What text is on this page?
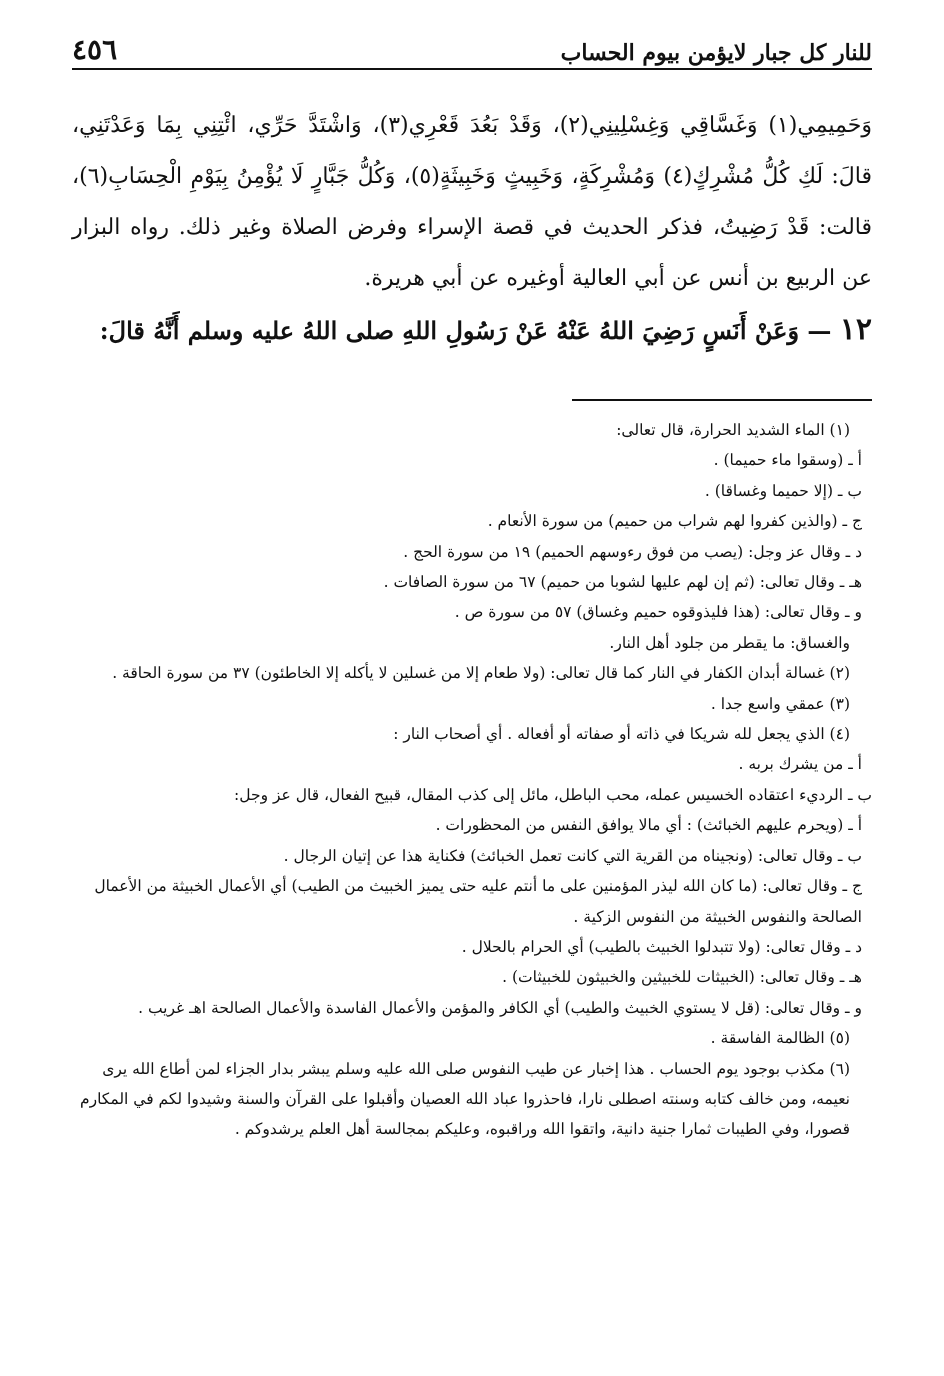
للنار كل جبار لايؤمن بيوم الحساب
٤٥٦
وَحَمِيمِي(١) وَغَسَّاقِي وَغِسْلِينِي(٢)، وَقَدْ بَعُدَ قَعْرِي(٣)، وَاشْتَدَّ حَرِّي، ائْتِنِي بِمَا وَعَدْتَنِي، قالَ: لَكِ كُلُّ مُشْرِكٍ(٤) وَمُشْرِكَةٍ، وَخَبِيثٍ وَخَبِيثَةٍ(٥)، وَكُلُّ جَبَّارٍ لَا يُؤْمِنُ بِيَوْمِ الْحِسَابِ(٦)، قالت: قَدْ رَضِيتُ، فذكر الحديث في قصة الإسراء وفرض الصلاة وغير ذلك. رواه البزار عن الربيع بن أنس عن أبي العالية أوغيره عن أبي هريرة.
١٢ — وَعَنْ أَنَسٍ رَضِيَ اللهُ عَنْهُ عَنْ رَسُولِ اللهِ صلى اللهُ عليه وسلم أَنَّهُ قالَ:
(١) الماء الشديد الحرارة، قال تعالى:
أ ـ (وسقوا ماء حميما) .
ب ـ (إلا حميما وغساقا) .
ج ـ (والذين كفروا لهم شراب من حميم) من سورة الأنعام .
د ـ وقال عز وجل: (يصب من فوق رءوسهم الحميم) ١٩ من سورة الحج .
هـ ـ وقال تعالى: (ثم إن لهم عليها لشوبا من حميم) ٦٧ من سورة الصافات .
و ـ وقال تعالى: (هذا فليذوقوه حميم وغساق) ٥٧ من سورة ص .
والغساق: ما يقطر من جلود أهل النار.
(٢) غسالة أبدان الكفار في النار كما قال تعالى: (ولا طعام إلا من غسلين لا يأكله إلا الخاطئون) ٣٧ من سورة الحاقة .
(٣) عمقي واسع جدا .
(٤) الذي يجعل لله شريكا في ذاته أو صفاته أو أفعاله . أي أصحاب النار :
أ ـ من يشرك بربه .
ب ـ الرديء اعتقاده الخسيس عمله، محب الباطل، مائل إلى كذب المقال، قبيح الفعال، قال عز وجل:
أ ـ (ويحرم عليهم الخبائث) : أي مالا يوافق النفس من المحظورات .
ب ـ وقال تعالى: (ونجيناه من القرية التي كانت تعمل الخبائث) فكناية هذا عن إتيان الرجال .
ج ـ وقال تعالى: (ما كان الله ليذر المؤمنين على ما أنتم عليه حتى يميز الخبيث من الطيب) أي الأعمال الخبيثة من الأعمال الصالحة والنفوس الخبيثة من النفوس الزكية .
د ـ وقال تعالى: (ولا تتبدلوا الخبيث بالطيب) أي الحرام بالحلال .
هـ ـ وقال تعالى: (الخبيثات للخبيثين والخبيثون للخبيثات) .
و ـ وقال تعالى: (قل لا يستوي الخبيث والطيب) أي الكافر والمؤمن والأعمال الفاسدة والأعمال الصالحة اهـ غريب .
(٥) الظالمة الفاسقة .
(٦) مكذب بوجود يوم الحساب . هذا إخبار عن طيب النفوس صلى الله عليه وسلم يبشر بدار الجزاء لمن أطاع الله يرى نعيمه، ومن خالف كتابه وسنته اصطلى نارا، فاحذروا عباد الله العصيان وأقبلوا على القرآن والسنة وشيدوا لكم في المكارم قصورا، وفي الطيبات ثمارا جنية دانية، واتقوا الله وراقبوه، وعليكم بمجالسة أهل العلم يرشدوكم .
